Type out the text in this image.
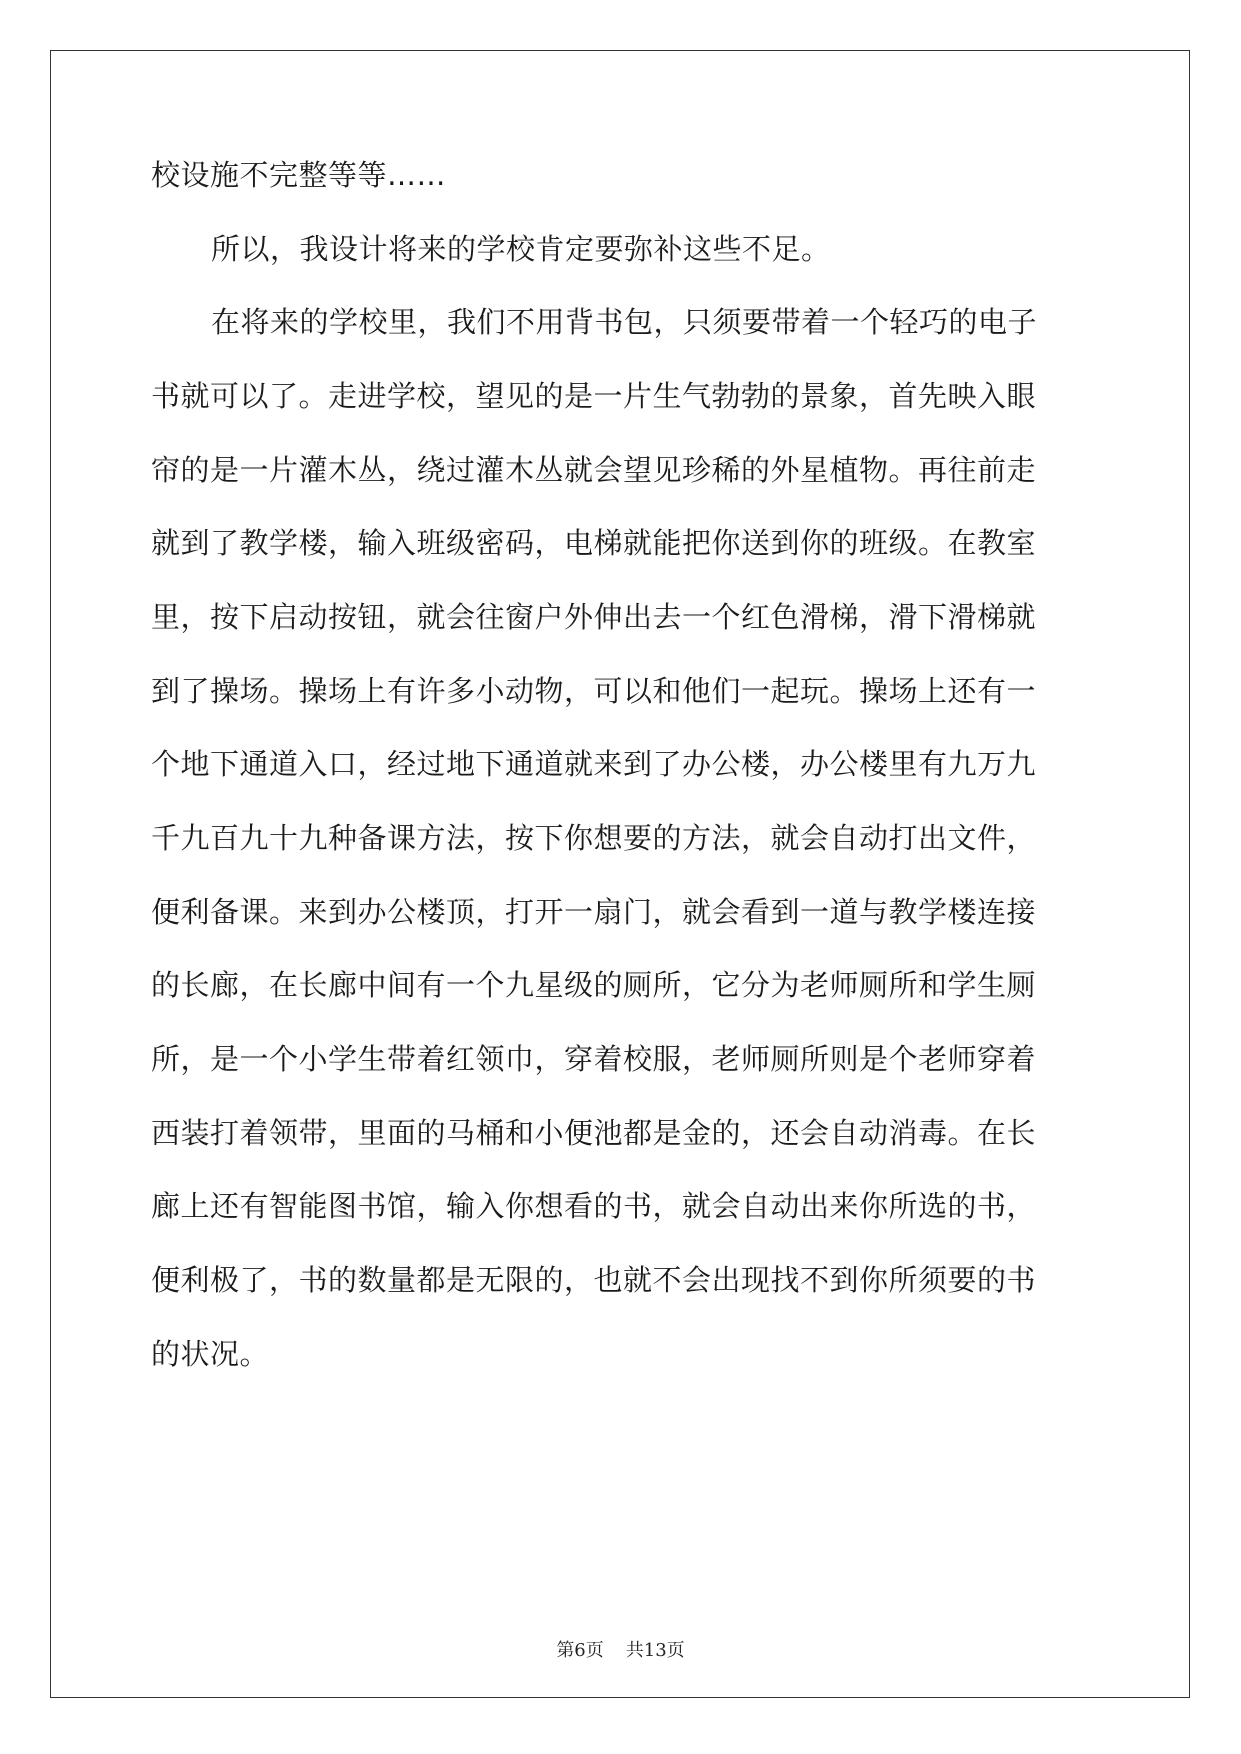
校设施不完整等等……
所以，我设计将来的学校肯定要弥补这些不足。
在将来的学校里，我们不用背书包，只须要带着一个轻巧的电子
书就可以了。走进学校，望见的是一片生气勃勃的景象，首先映入眼
帘的是一片灌木丛，绕过灌木丛就会望见珍稀的外星植物。再往前走
就到了教学楼，输入班级密码，电梯就能把你送到你的班级。在教室
里，按下启动按钮，就会往窗户外伸出去一个红色滑梯，滑下滑梯就
到了操场。操场上有许多小动物，可以和他们一起玩。操场上还有一
个地下通道入口，经过地下通道就来到了办公楼，办公楼里有九万九
千九百九十九种备课方法，按下你想要的方法，就会自动打出文件，
便利备课。来到办公楼顶，打开一扇门，就会看到一道与教学楼连接
的长廊，在长廊中间有一个九星级的厕所，它分为老师厕所和学生厕
所，是一个小学生带着红领巾，穿着校服，老师厕所则是个老师穿着
西装打着领带，里面的马桶和小便池都是金的，还会自动消毒。在长
廊上还有智能图书馆，输入你想看的书，就会自动出来你所选的书，
便利极了，书的数量都是无限的，也就不会出现找不到你所须要的书
的状况。
第6页 共13页
